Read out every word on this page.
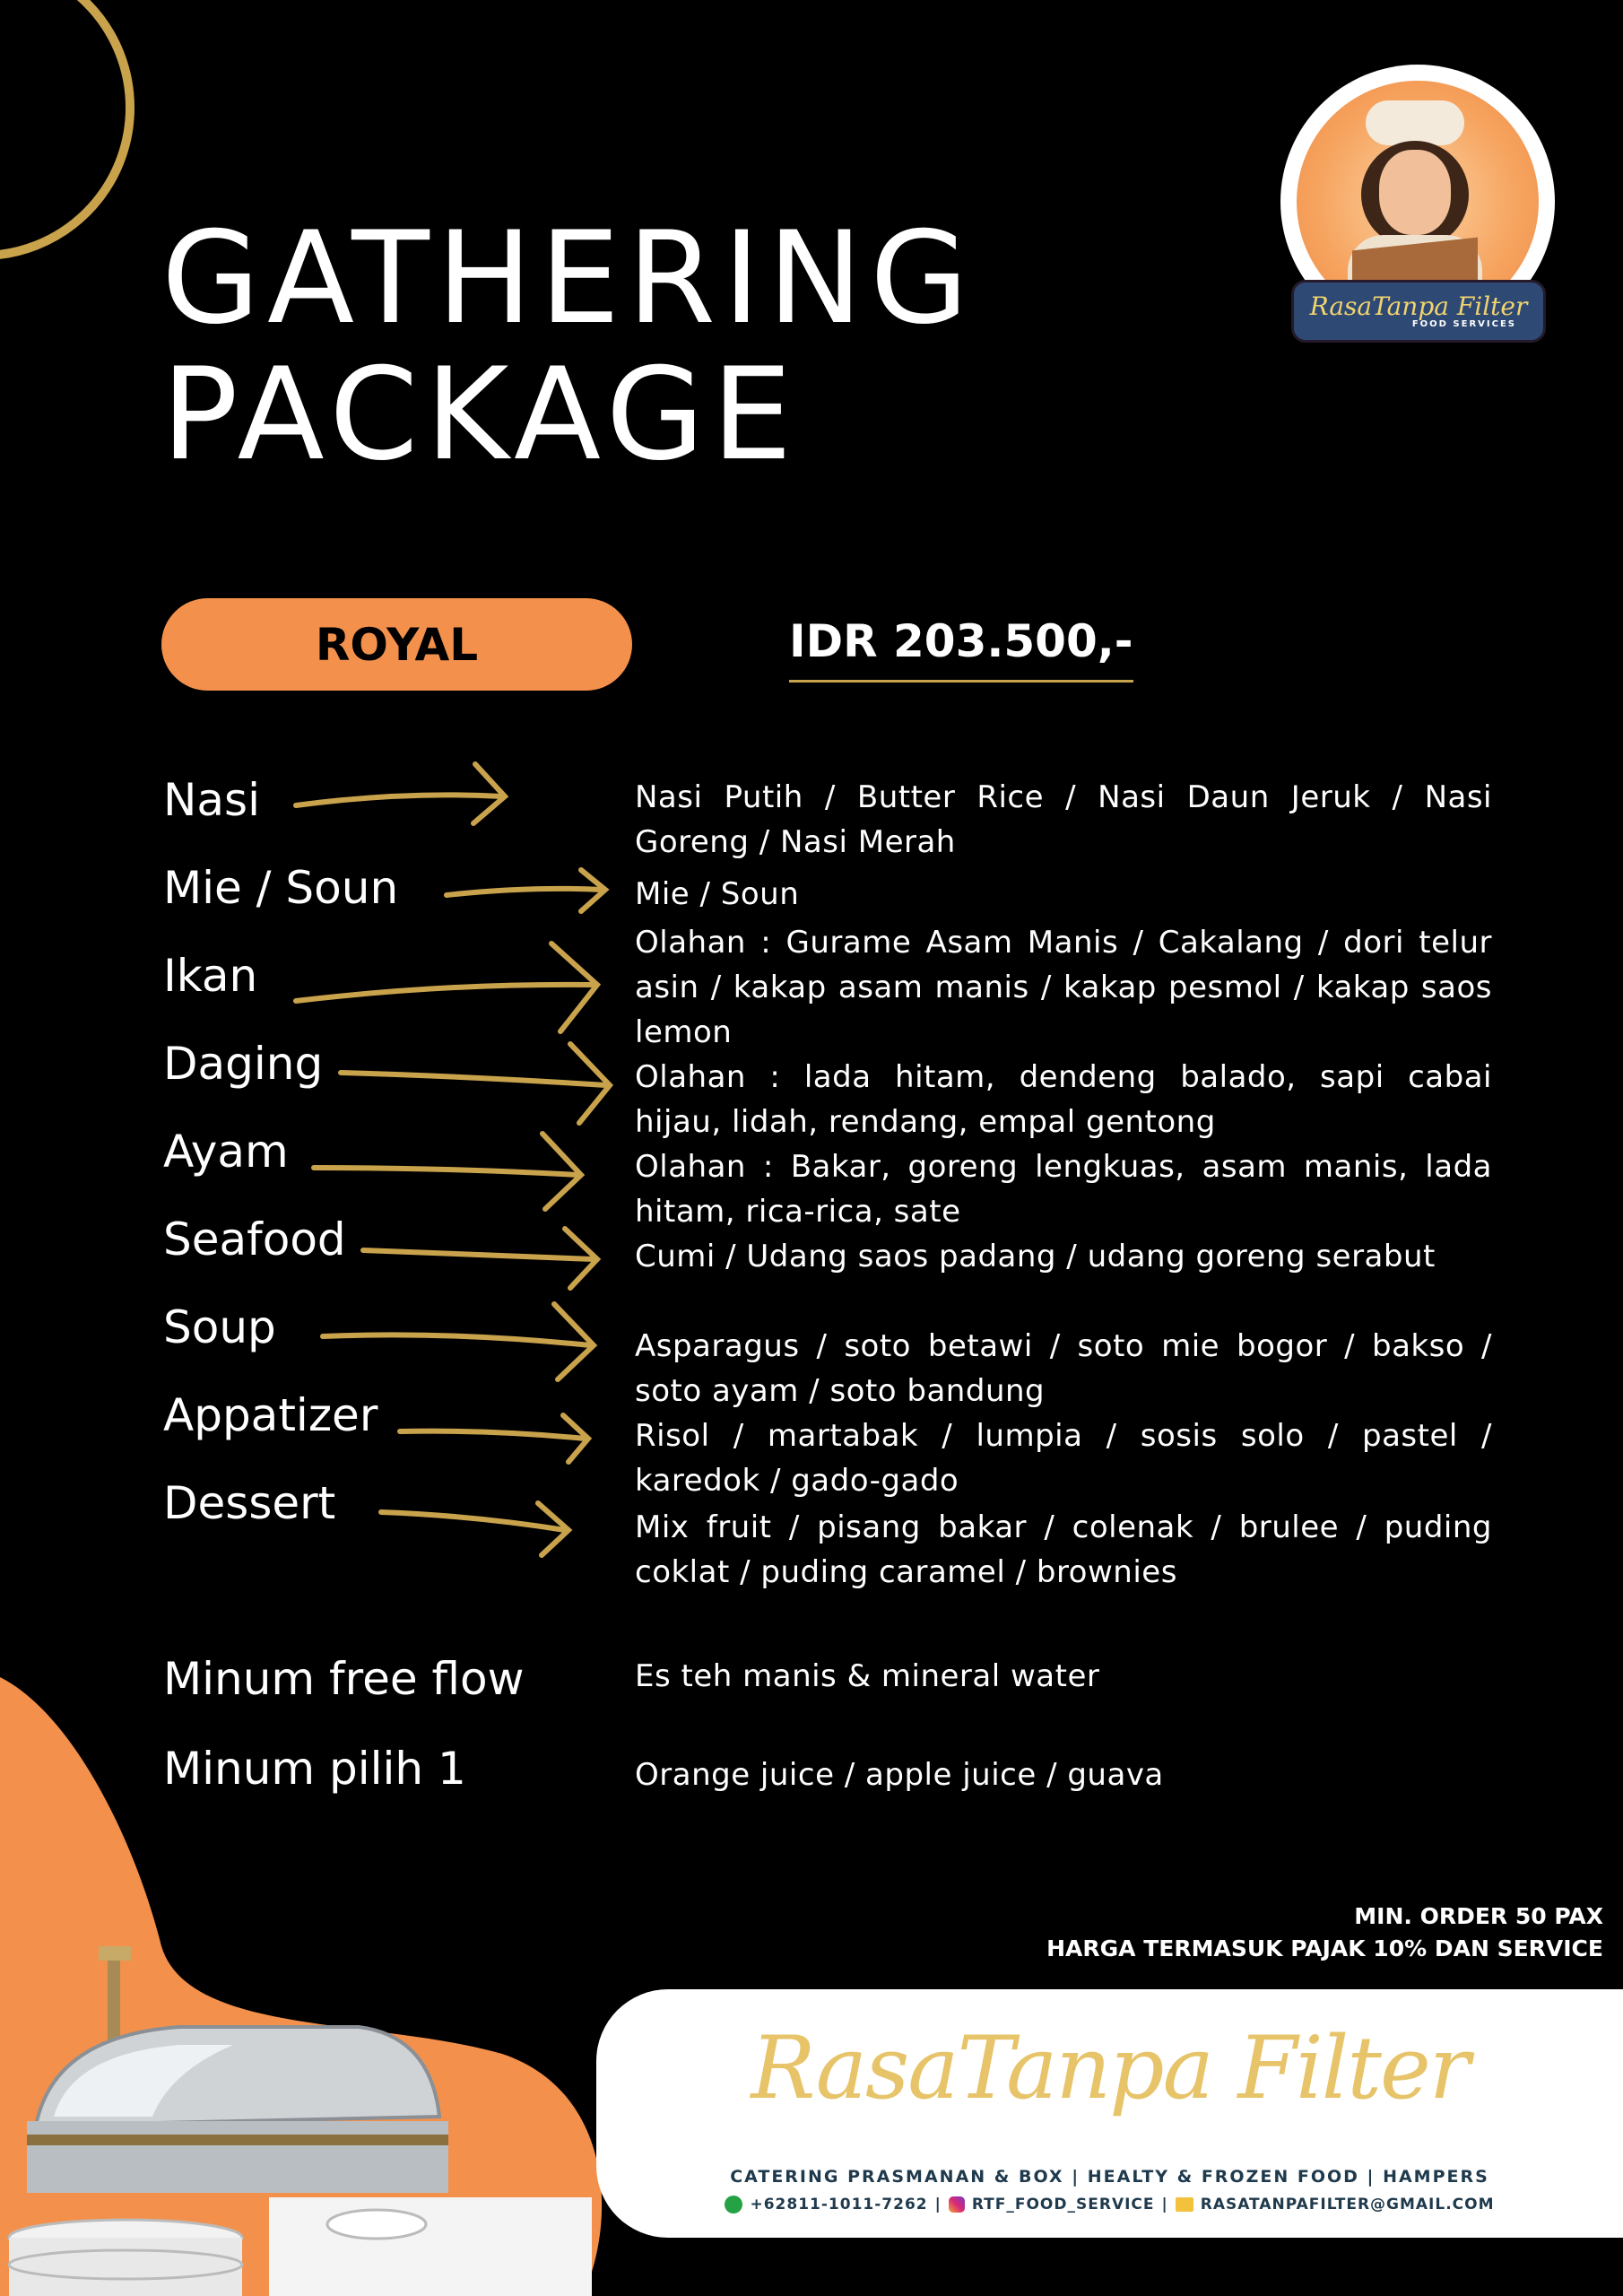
RasaTanpa Filter
FOOD SERVICES
GATHERING
PACKAGE
ROYAL	IDR 203.500,-
Nasi
Mie / Soun
Ikan
Daging
Ayam
Seafood
Soup
Appatizer
Dessert
Minum free flow
Minum pilih 1
Nasi Putih / Butter Rice / Nasi Daun Jeruk / Nasi Goreng / Nasi Merah
Mie / Soun
Olahan : Gurame Asam Manis / Cakalang / dori telur asin / kakap asam manis / kakap pesmol / kakap saos lemon
Olahan : lada hitam, dendeng balado, sapi cabai hijau, lidah, rendang, empal gentong
Olahan : Bakar, goreng lengkuas, asam manis, lada hitam, rica-rica, sate
Cumi / Udang saos padang / udang goreng serabut
Asparagus / soto betawi / soto mie bogor / bakso / soto ayam / soto bandung
Risol / martabak / lumpia / sosis solo / pastel / karedok / gado-gado
Mix fruit / pisang bakar / colenak / brulee / puding coklat / puding caramel / brownies
Es teh manis & mineral water
Orange juice / apple juice / guava
MIN. ORDER 50 PAX
HARGA TERMASUK PAJAK 10% DAN SERVICE
RasaTanpa Filter
CATERING PRASMANAN & BOX | HEALTY & FROZEN FOOD | HAMPERS
+62811-1011-7262 | RTF_FOOD_SERVICE | RASATANPAFILTER@GMAIL.COM
